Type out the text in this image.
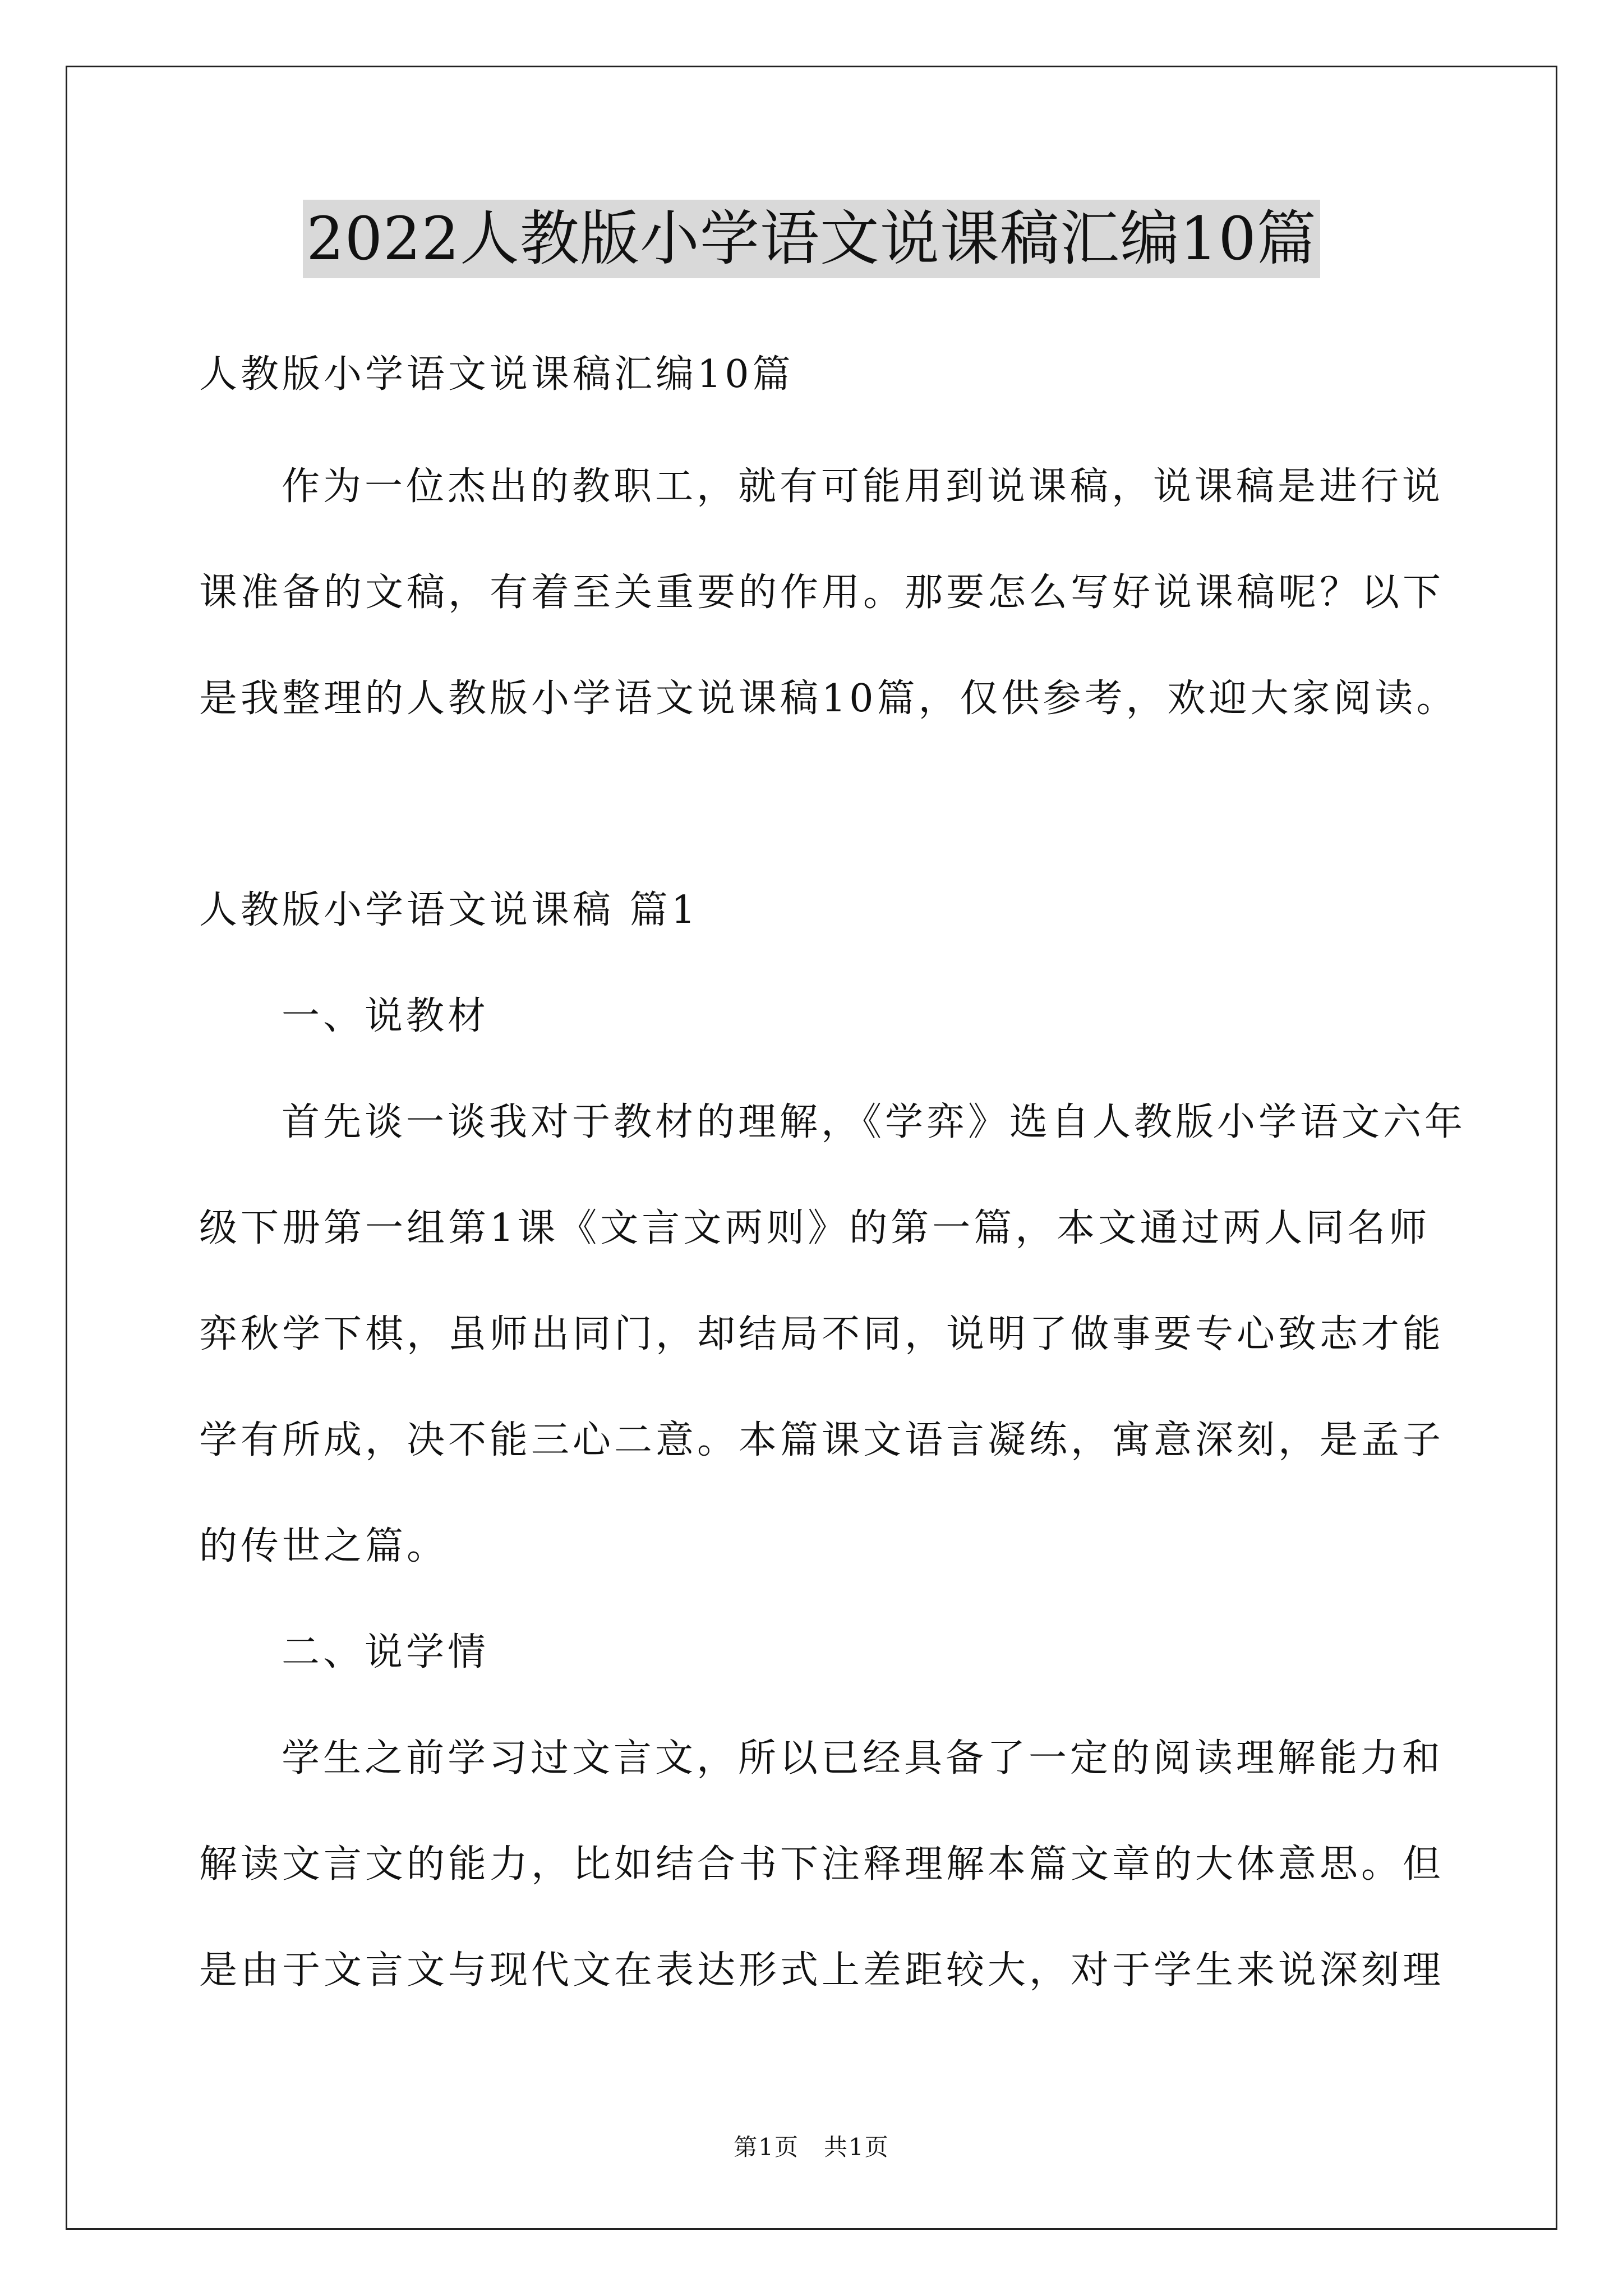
2022人教版小学语文说课稿汇编10篇
人教版小学语文说课稿汇编10篇
作为一位杰出的教职工，就有可能用到说课稿，说课稿是进行说
课准备的文稿，有着至关重要的作用。那要怎么写好说课稿呢？以下
是我整理的人教版小学语文说课稿10篇，仅供参考，欢迎大家阅读。
人教版小学语文说课稿 篇1
一、说教材
首先谈一谈我对于教材的理解，《学弈》选自人教版小学语文六年
级下册第一组第1课《文言文两则》的第一篇，本文通过两人同名师
弈秋学下棋，虽师出同门，却结局不同，说明了做事要专心致志才能
学有所成，决不能三心二意。本篇课文语言凝练，寓意深刻，是孟子
的传世之篇。
二、说学情
学生之前学习过文言文，所以已经具备了一定的阅读理解能力和
解读文言文的能力，比如结合书下注释理解本篇文章的大体意思。但
是由于文言文与现代文在表达形式上差距较大，对于学生来说深刻理
第1页　共1页
